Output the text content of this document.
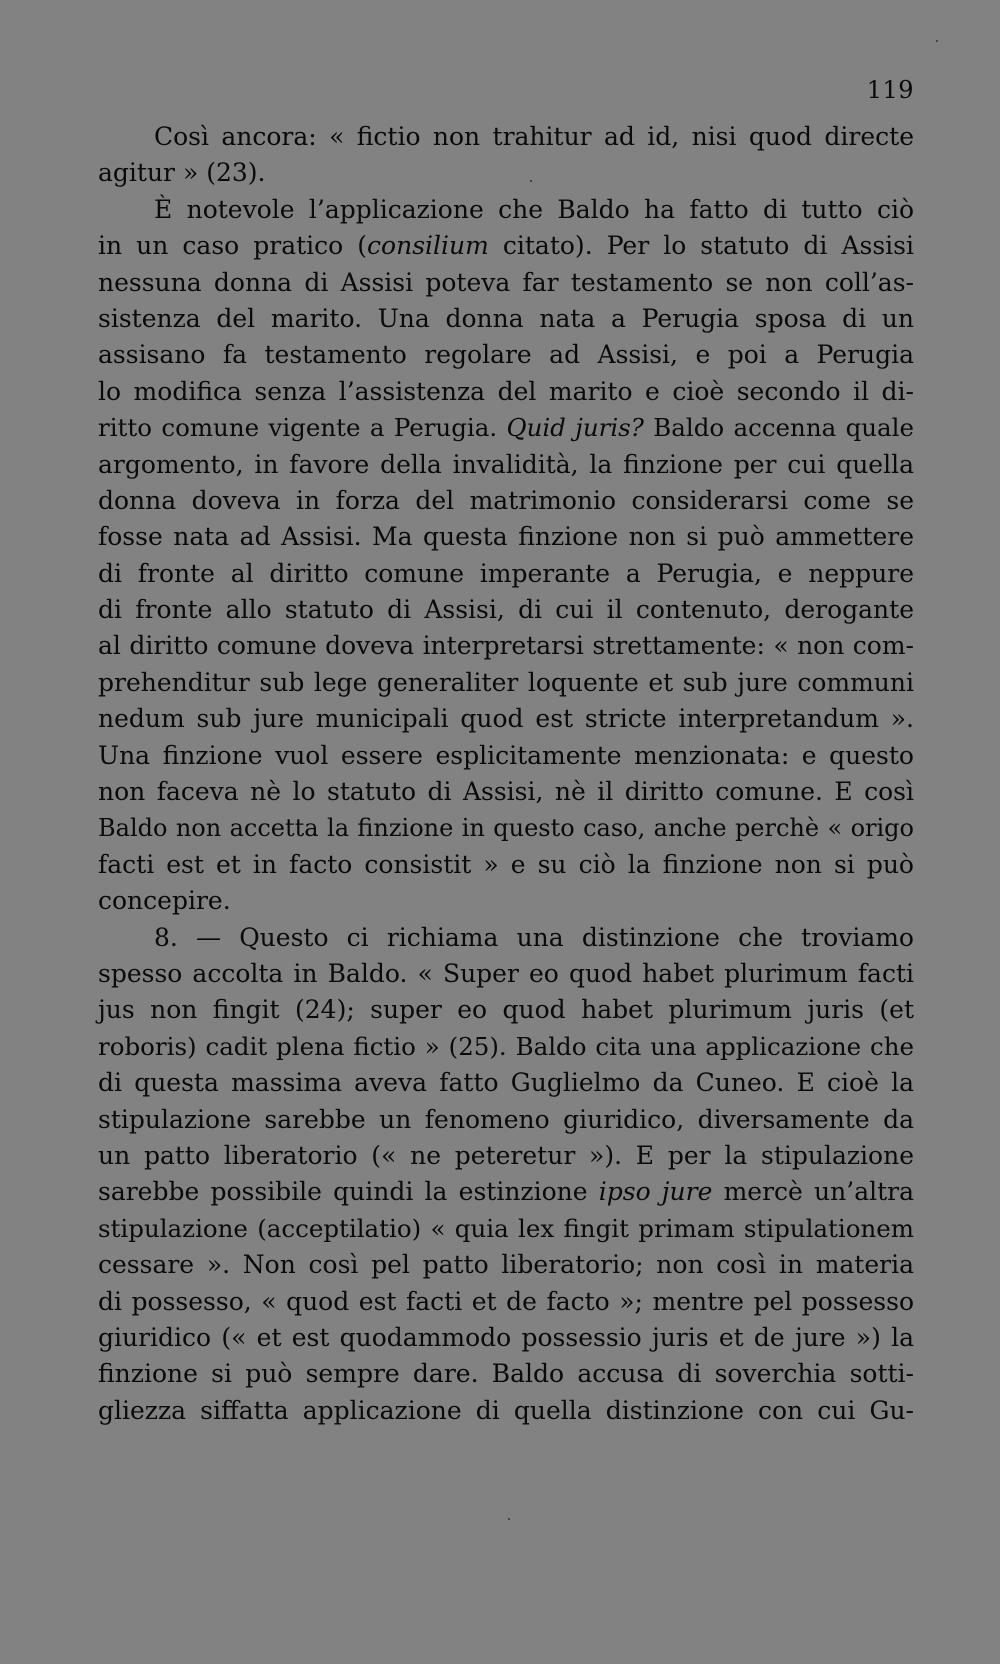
119
Così ancora: « fictio non trahitur ad id, nisi quod directe
agitur » (23).
È notevole l’applicazione che Baldo ha fatto di tutto ciò
in un caso pratico (consilium citato). Per lo statuto di Assisi
nessuna donna di Assisi poteva far testamento se non coll’as-
sistenza del marito. Una donna nata a Perugia sposa di un
assisano fa testamento regolare ad Assisi, e poi a Perugia
lo modifica senza l’assistenza del marito e cioè secondo il di-
ritto comune vigente a Perugia. Quid juris? Baldo accenna quale
argomento, in favore della invalidità, la finzione per cui quella
donna doveva in forza del matrimonio considerarsi come se
fosse nata ad Assisi. Ma questa finzione non si può ammettere
di fronte al diritto comune imperante a Perugia, e neppure
di fronte allo statuto di Assisi, di cui il contenuto, derogante
al diritto comune doveva interpretarsi strettamente: « non com-
prehenditur sub lege generaliter loquente et sub jure communi
nedum sub jure municipali quod est stricte interpretandum ».
Una finzione vuol essere esplicitamente menzionata: e questo
non faceva nè lo statuto di Assisi, nè il diritto comune. E così
Baldo non accetta la finzione in questo caso, anche perchè « origo
facti est et in facto consistit » e su ciò la finzione non si può
concepire.
8. — Questo ci richiama una distinzione che troviamo
spesso accolta in Baldo. « Super eo quod habet plurimum facti
jus non fingit (24); super eo quod habet plurimum juris (et
roboris) cadit plena fictio » (25). Baldo cita una applicazione che
di questa massima aveva fatto Guglielmo da Cuneo. E cioè la
stipulazione sarebbe un fenomeno giuridico, diversamente da
un patto liberatorio (« ne peteretur »). E per la stipulazione
sarebbe possibile quindi la estinzione ipso jure mercè un’altra
stipulazione (acceptilatio) « quia lex fingit primam stipulationem
cessare ». Non così pel patto liberatorio; non così in materia
di possesso, « quod est facti et de facto »; mentre pel possesso
giuridico (« et est quodammodo possessio juris et de jure ») la
finzione si può sempre dare. Baldo accusa di soverchia sotti-
gliezza siffatta applicazione di quella distinzione con cui Gu-
